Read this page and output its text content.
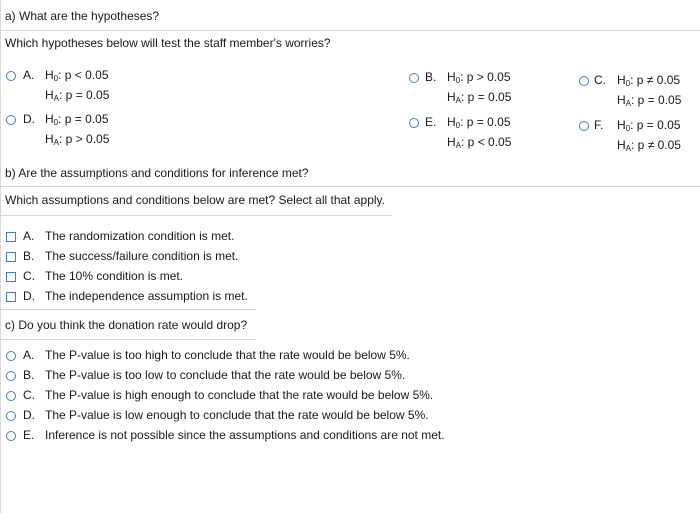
a) What are the hypotheses?
Which hypotheses below will test the staff member's worries?
A. $H_0$: p < 0.05
$H_A$: p = 0.05
B. $H_0$: p > 0.05
$H_A$: p = 0.05
C. $H_0$: p ≠ 0.05
$H_A$: p = 0.05
D. $H_0$: p = 0.05
$H_A$: p > 0.05
E. $H_0$: p = 0.05
$H_A$: p < 0.05
F. $H_0$: p = 0.05
$H_A$: p ≠ 0.05
b) Are the assumptions and conditions for inference met?
Which assumptions and conditions below are met? Select all that apply.
A. The randomization condition is met.
B. The success/failure condition is met.
C. The 10% condition is met.
D. The independence assumption is met.
c) Do you think the donation rate would drop?
A. The P-value is too high to conclude that the rate would be below 5%.
B. The P-value is too low to conclude that the rate would be below 5%.
C. The P-value is high enough to conclude that the rate would be below 5%.
D. The P-value is low enough to conclude that the rate would be below 5%.
E. Inference is not possible since the assumptions and conditions are not met.
